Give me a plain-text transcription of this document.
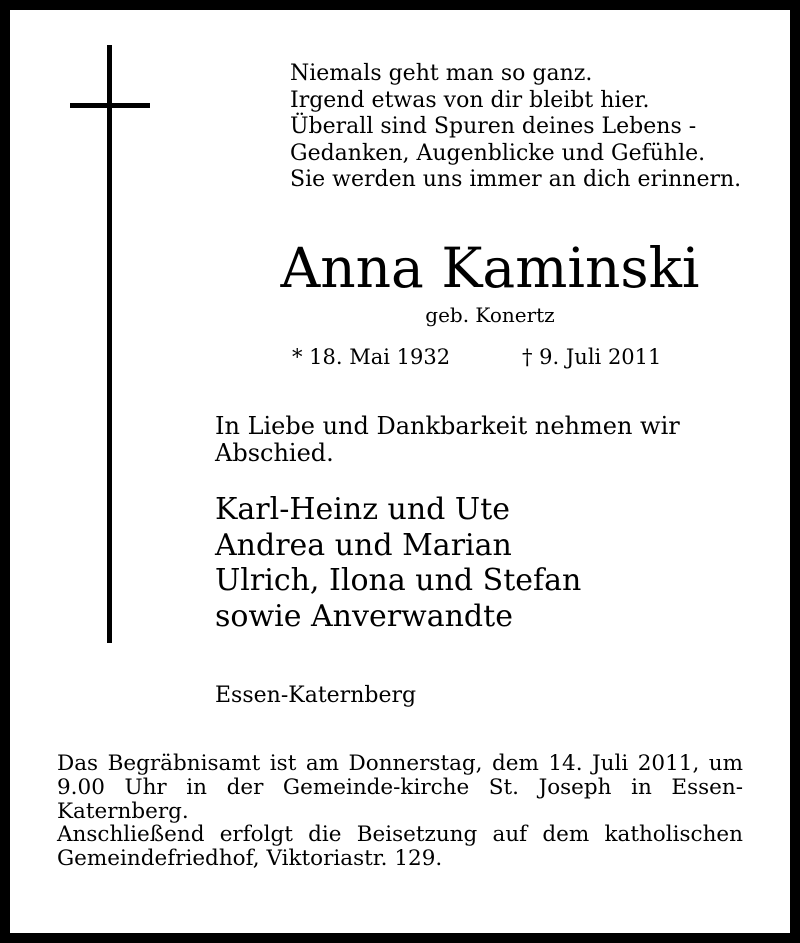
Niemals geht man so ganz.
Irgend etwas von dir bleibt hier.
Überall sind Spuren deines Lebens -
Gedanken, Augenblicke und Gefühle.
Sie werden uns immer an dich erinnern.
Anna Kaminski
geb. Konertz
* 18. Mai 1932	† 9. Juli 2011
In Liebe und Dankbarkeit nehmen wir Abschied.
Karl-Heinz und Ute
Andrea und Marian
Ulrich, Ilona und Stefan
sowie Anverwandte
Essen-Katernberg
Das Begräbnisamt ist am Donnerstag, dem 14. Juli 2011, um 9.00 Uhr in der Gemeinde-kirche St. Joseph in Essen-Katernberg.
Anschließend erfolgt die Beisetzung auf dem katholischen Gemeindefriedhof, Viktoriastr. 129.
